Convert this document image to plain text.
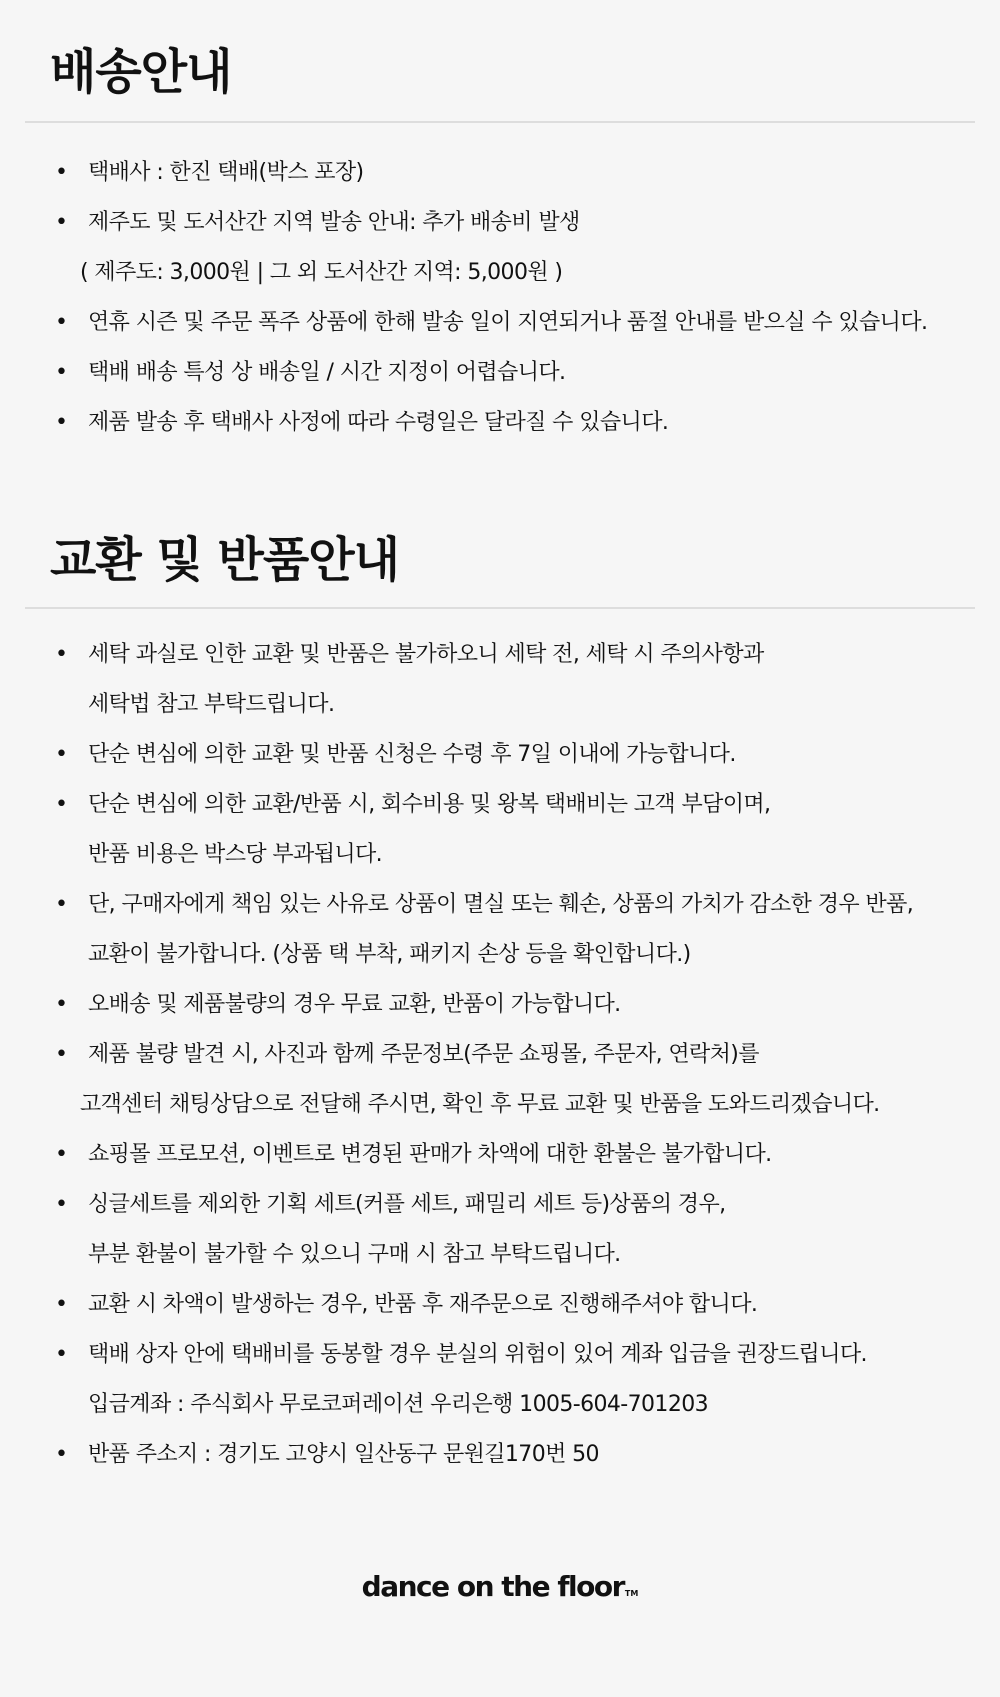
배송안내
• 택배사 : 한진 택배(박스 포장)
• 제주도 및 도서산간 지역 발송 안내: 추가 배송비 발생
( 제주도: 3,000원 | 그 외 도서산간 지역: 5,000원 )
• 연휴 시즌 및 주문 폭주 상품에 한해 발송 일이 지연되거나 품절 안내를 받으실 수 있습니다.
• 택배 배송 특성 상 배송일 / 시간 지정이 어렵습니다.
• 제품 발송 후 택배사 사정에 따라 수령일은 달라질 수 있습니다.
교환 및 반품안내
• 세탁 과실로 인한 교환 및 반품은 불가하오니 세탁 전, 세탁 시 주의사항과
세탁법 참고 부탁드립니다.
• 단순 변심에 의한 교환 및 반품 신청은 수령 후 7일 이내에 가능합니다.
• 단순 변심에 의한 교환/반품 시, 회수비용 및 왕복 택배비는 고객 부담이며,
반품 비용은 박스당 부과됩니다.
• 단, 구매자에게 책임 있는 사유로 상품이 멸실 또는 훼손, 상품의 가치가 감소한 경우 반품,
교환이 불가합니다. (상품 택 부착, 패키지 손상 등을 확인합니다.)
• 오배송 및 제품불량의 경우 무료 교환, 반품이 가능합니다.
• 제품 불량 발견 시, 사진과 함께 주문정보(주문 쇼핑몰, 주문자, 연락처)를
고객센터 채팅상담으로 전달해 주시면, 확인 후 무료 교환 및 반품을 도와드리겠습니다.
• 쇼핑몰 프로모션, 이벤트로 변경된 판매가 차액에 대한 환불은 불가합니다.
• 싱글세트를 제외한 기획 세트(커플 세트, 패밀리 세트 등)상품의 경우,
부분 환불이 불가할 수 있으니 구매 시 참고 부탁드립니다.
• 교환 시 차액이 발생하는 경우, 반품 후 재주문으로 진행해주셔야 합니다.
• 택배 상자 안에 택배비를 동봉할 경우 분실의 위험이 있어 계좌 입금을 권장드립니다.
입금계좌 : 주식회사 무로코퍼레이션 우리은행 1005-604-701203
• 반품 주소지 : 경기도 고양시 일산동구 문원길170번 50
dance on the floorTM
